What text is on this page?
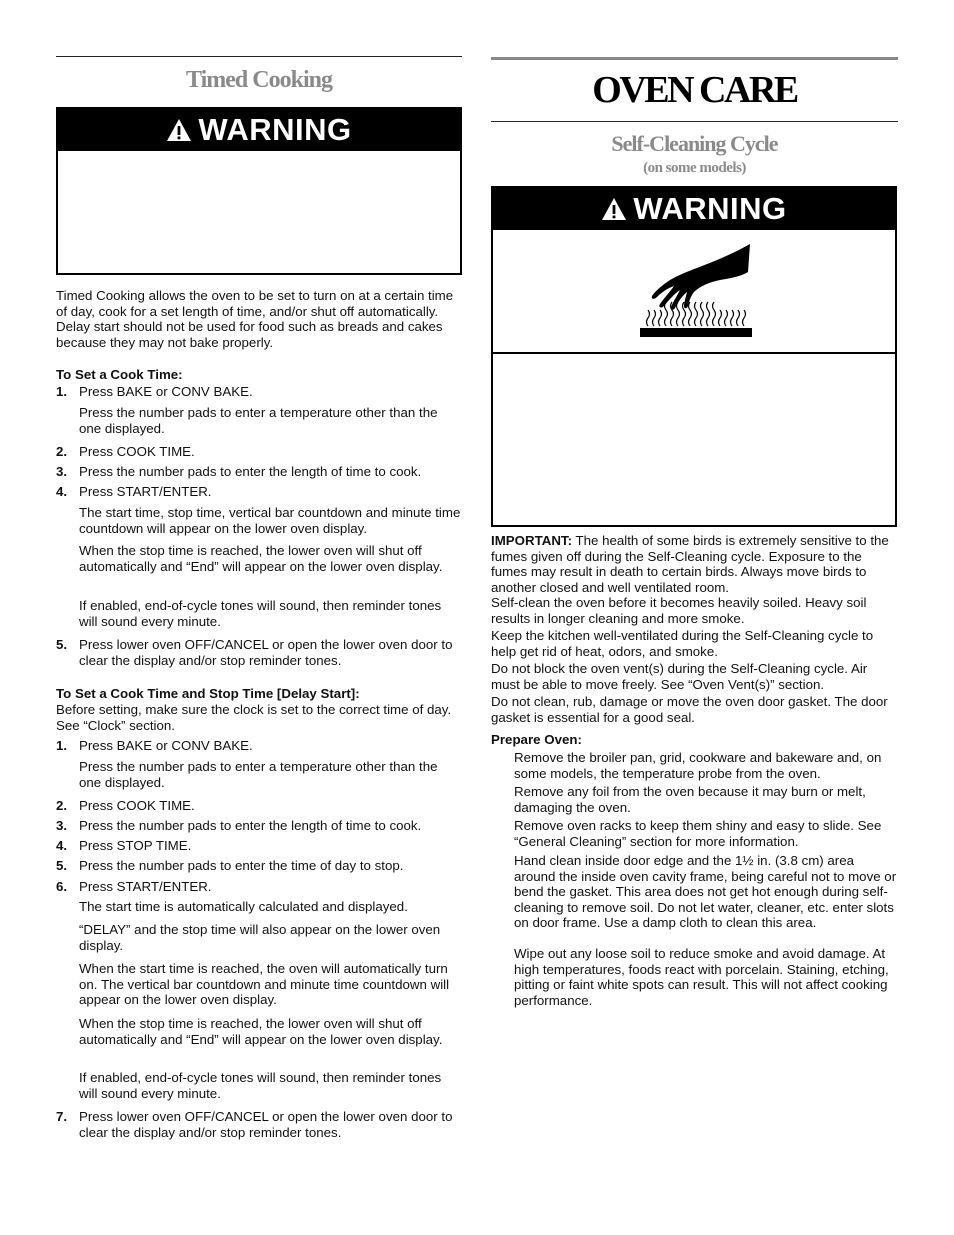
Timed Cooking
WARNING
Timed Cooking allows the oven to be set to turn on at a certain time of day, cook for a set length of time, and/or shut off automatically. Delay start should not be used for food such as breads and cakes because they may not bake properly.
To Set a Cook Time:
1. Press BAKE or CONV BAKE.
Press the number pads to enter a temperature other than the one displayed.
2. Press COOK TIME.
3. Press the number pads to enter the length of time to cook.
4. Press START/ENTER.
The start time, stop time, vertical bar countdown and minute time countdown will appear on the lower oven display.
When the stop time is reached, the lower oven will shut off automatically and “End” will appear on the lower oven display.
If enabled, end-of-cycle tones will sound, then reminder tones will sound every minute.
5. Press lower oven OFF/CANCEL or open the lower oven door to clear the display and/or stop reminder tones.
To Set a Cook Time and Stop Time [Delay Start]:
Before setting, make sure the clock is set to the correct time of day. See “Clock” section.
1. Press BAKE or CONV BAKE.
Press the number pads to enter a temperature other than the one displayed.
2. Press COOK TIME.
3. Press the number pads to enter the length of time to cook.
4. Press STOP TIME.
5. Press the number pads to enter the time of day to stop.
6. Press START/ENTER.
The start time is automatically calculated and displayed.
“DELAY” and the stop time will also appear on the lower oven display.
When the start time is reached, the oven will automatically turn on. The vertical bar countdown and minute time countdown will appear on the lower oven display.
When the stop time is reached, the lower oven will shut off automatically and “End” will appear on the lower oven display.
If enabled, end-of-cycle tones will sound, then reminder tones will sound every minute.
7. Press lower oven OFF/CANCEL or open the lower oven door to clear the display and/or stop reminder tones.
OVEN CARE
Self-Cleaning Cycle
(on some models)
WARNING
IMPORTANT: The health of some birds is extremely sensitive to the fumes given off during the Self-Cleaning cycle. Exposure to the fumes may result in death to certain birds. Always move birds to another closed and well ventilated room.
Self-clean the oven before it becomes heavily soiled. Heavy soil results in longer cleaning and more smoke.
Keep the kitchen well-ventilated during the Self-Cleaning cycle to help get rid of heat, odors, and smoke.
Do not block the oven vent(s) during the Self-Cleaning cycle. Air must be able to move freely. See “Oven Vent(s)” section.
Do not clean, rub, damage or move the oven door gasket. The door gasket is essential for a good seal.
Prepare Oven:
Remove the broiler pan, grid, cookware and bakeware and, on some models, the temperature probe from the oven.
Remove any foil from the oven because it may burn or melt, damaging the oven.
Remove oven racks to keep them shiny and easy to slide. See “General Cleaning” section for more information.
Hand clean inside door edge and the 1½ in. (3.8 cm) area around the inside oven cavity frame, being careful not to move or bend the gasket. This area does not get hot enough during self-cleaning to remove soil. Do not let water, cleaner, etc. enter slots on door frame. Use a damp cloth to clean this area.
Wipe out any loose soil to reduce smoke and avoid damage. At high temperatures, foods react with porcelain. Staining, etching, pitting or faint white spots can result. This will not affect cooking performance.
